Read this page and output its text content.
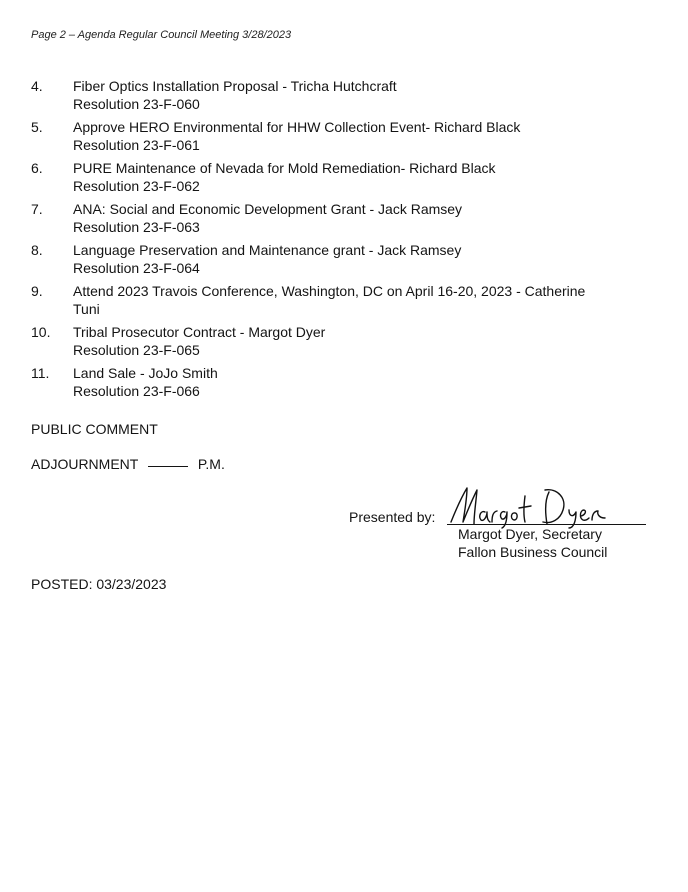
Page 2 – Agenda Regular Council Meeting 3/28/2023
4. Fiber Optics Installation Proposal - Tricha Hutchcraft
Resolution 23-F-060
5. Approve HERO Environmental for HHW Collection Event- Richard Black
Resolution 23-F-061
6. PURE Maintenance of Nevada for Mold Remediation- Richard Black
Resolution 23-F-062
7. ANA: Social and Economic Development Grant - Jack Ramsey
Resolution 23-F-063
8. Language Preservation and Maintenance grant - Jack Ramsey
Resolution 23-F-064
9. Attend 2023 Travois Conference, Washington, DC on April 16-20, 2023 - Catherine
Tuni
10. Tribal Prosecutor Contract - Margot Dyer
Resolution 23-F-065
11. Land Sale - JoJo Smith
Resolution 23-F-066
PUBLIC COMMENT
ADJOURNMENT	P.M.
Presented by:
Margot Dyer, Secretary
Fallon Business Council
POSTED: 03/23/2023
